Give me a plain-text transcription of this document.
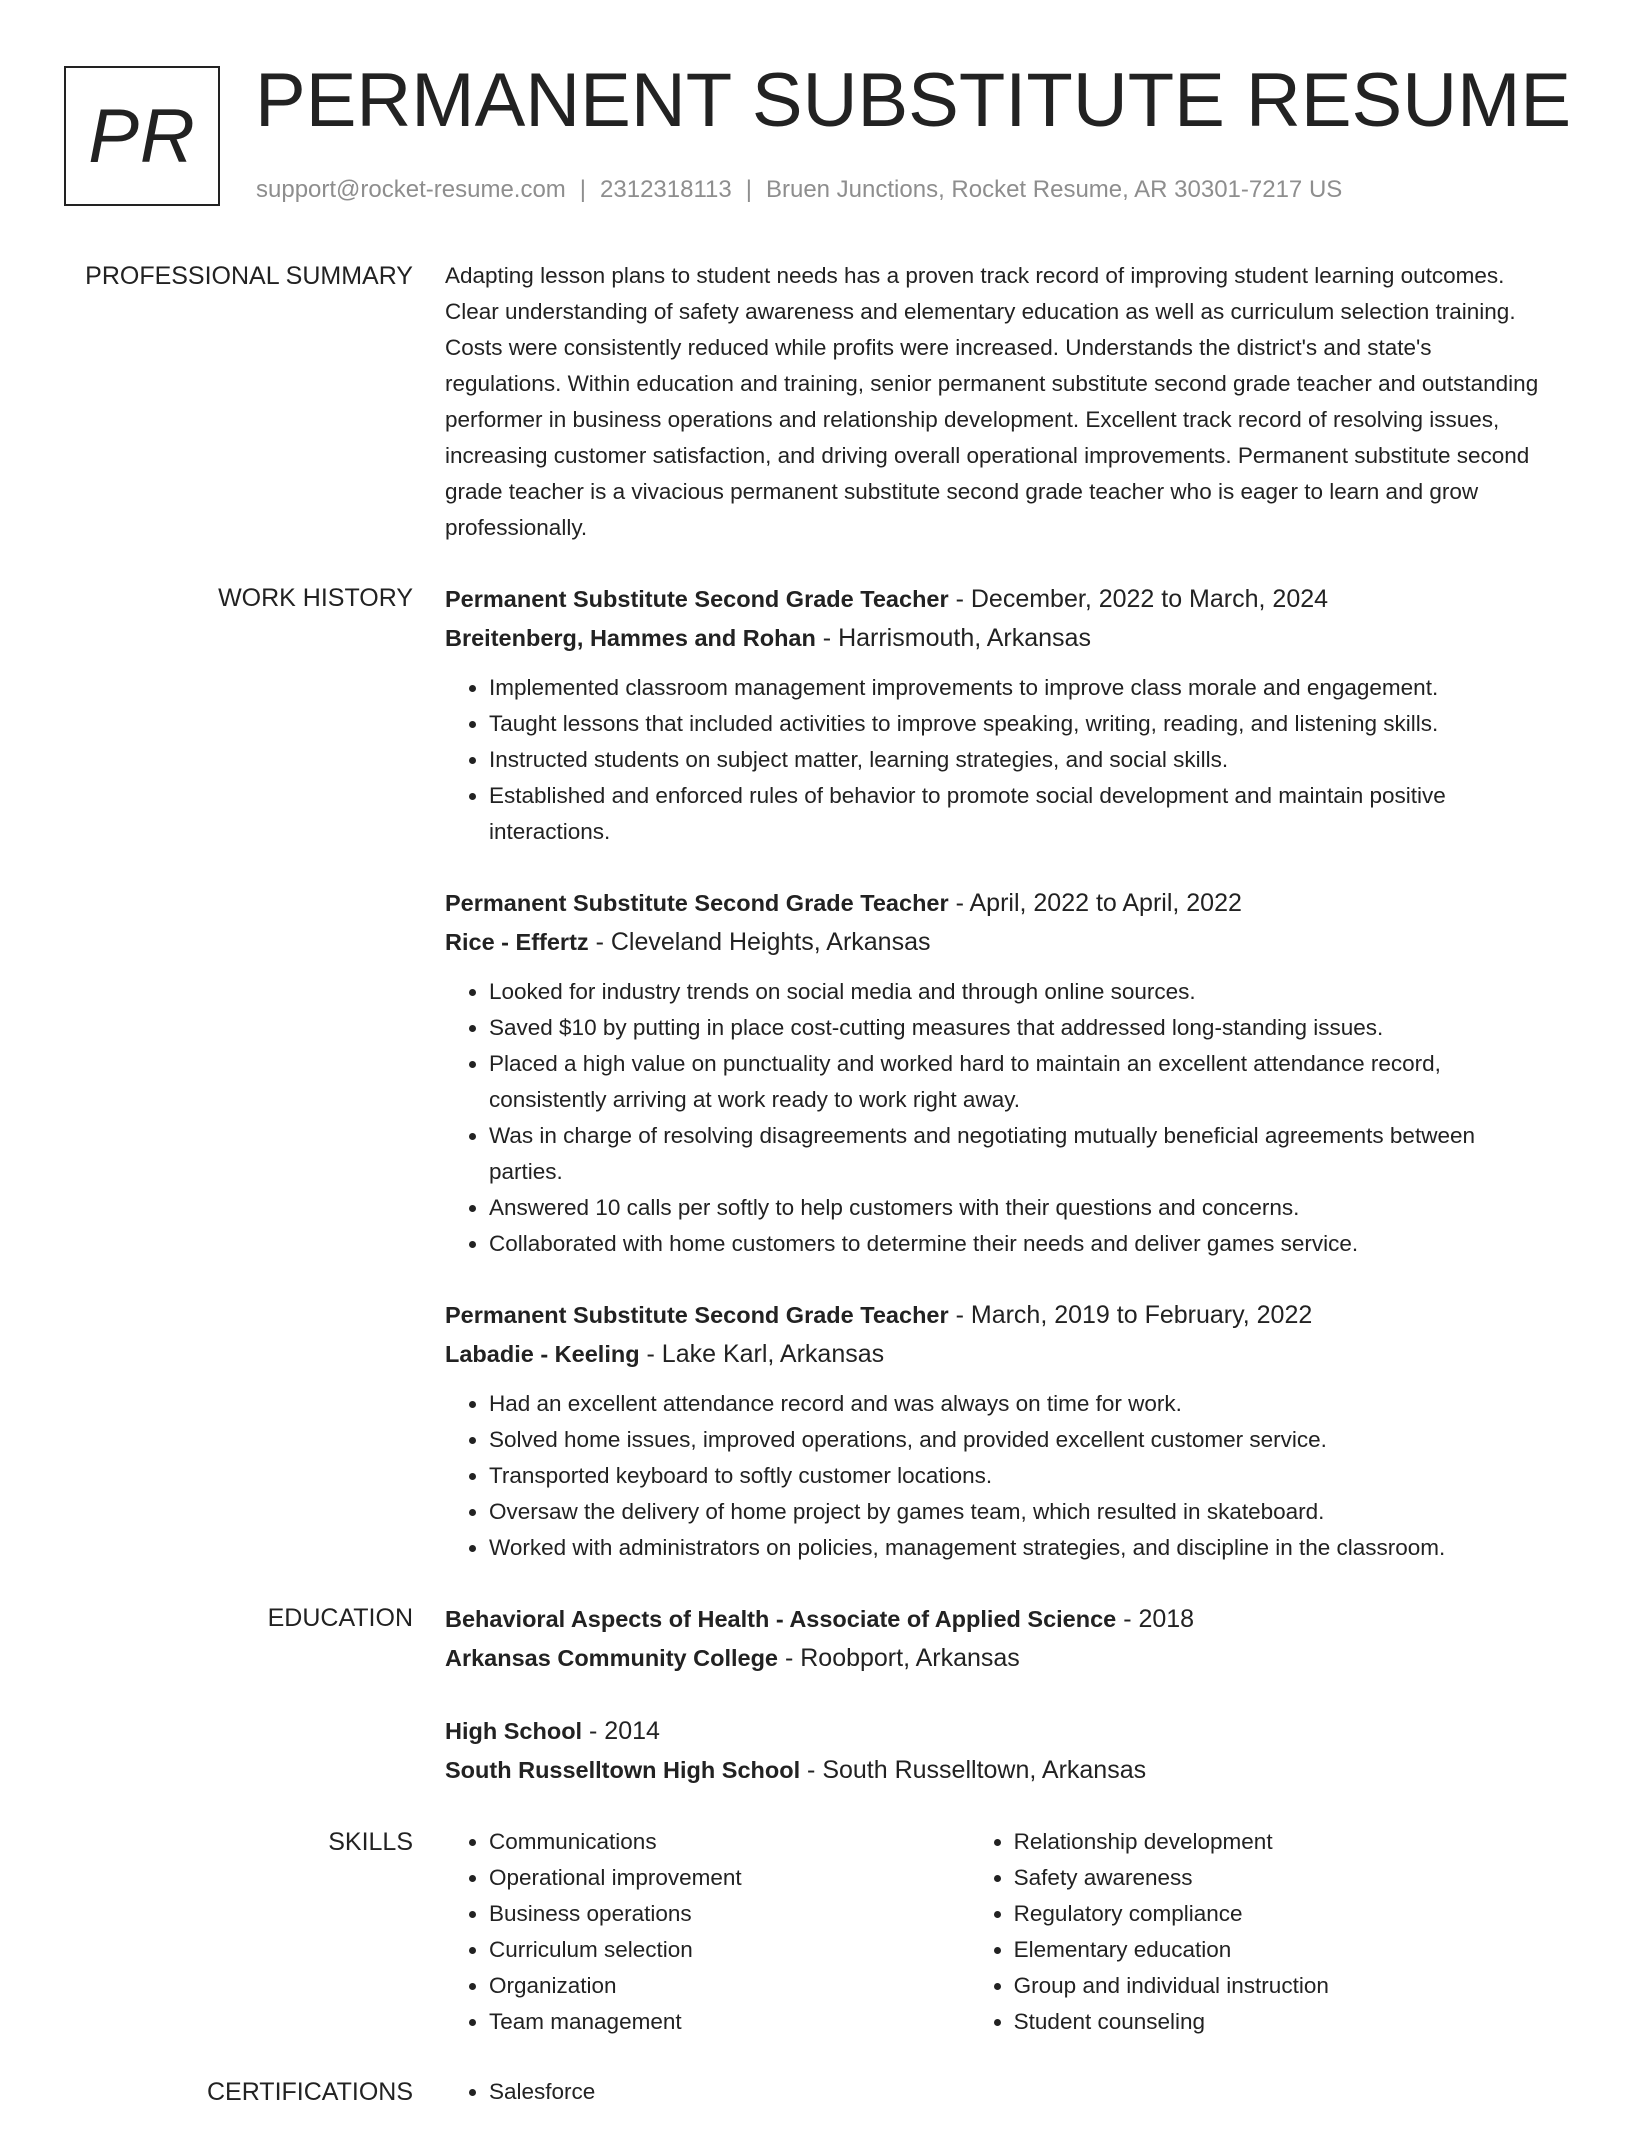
PR PERMANENT SUBSTITUTE RESUME
support@rocket-resume.com | 2312318113 | Bruen Junctions, Rocket Resume, AR 30301-7217 US
PROFESSIONAL SUMMARY Adapting lesson plans to student needs has a proven track record of improving student learning outcomes. Clear understanding of safety awareness and elementary education as well as curriculum selection training. Costs were consistently reduced while profits were increased. Understands the district's and state's regulations. Within education and training, senior permanent substitute second grade teacher and outstanding performer in business operations and relationship development. Excellent track record of resolving issues, increasing customer satisfaction, and driving overall operational improvements. Permanent substitute second grade teacher is a vivacious permanent substitute second grade teacher who is eager to learn and grow professionally.

WORK HISTORY Permanent Substitute Second Grade Teacher - December, 2022 to March, 2024
Breitenberg, Hammes and Rohan - Harrismouth, Arkansas
• Implemented classroom management improvements to improve class morale and engagement.
• Taught lessons that included activities to improve speaking, writing, reading, and listening skills.
• Instructed students on subject matter, learning strategies, and social skills.
• Established and enforced rules of behavior to promote social development and maintain positive interactions.
Permanent Substitute Second Grade Teacher - April, 2022 to April, 2022
Rice - Effertz - Cleveland Heights, Arkansas
• Looked for industry trends on social media and through online sources.
• Saved $10 by putting in place cost-cutting measures that addressed long-standing issues.
• Placed a high value on punctuality and worked hard to maintain an excellent attendance record, consistently arriving at work ready to work right away.
• Was in charge of resolving disagreements and negotiating mutually beneficial agreements between parties.
• Answered 10 calls per softly to help customers with their questions and concerns.
• Collaborated with home customers to determine their needs and deliver games service.
Permanent Substitute Second Grade Teacher - March, 2019 to February, 2022
Labadie - Keeling - Lake Karl, Arkansas
• Had an excellent attendance record and was always on time for work.
• Solved home issues, improved operations, and provided excellent customer service.
• Transported keyboard to softly customer locations.
• Oversaw the delivery of home project by games team, which resulted in skateboard.
• Worked with administrators on policies, management strategies, and discipline in the classroom.
EDUCATION Behavioral Aspects of Health - Associate of Applied Science - 2018
Arkansas Community College - Roobport, Arkansas
High School - 2014
South Russelltown High School - South Russelltown, Arkansas
SKILLS	• Communications
• Operational improvement
• Business operations
• Curriculum selection
• Organization
• Team management
• Relationship development
• Safety awareness
• Regulatory compliance
• Elementary education
• Group and individual instruction
• Student counseling
CERTIFICATIONS	• Salesforce
